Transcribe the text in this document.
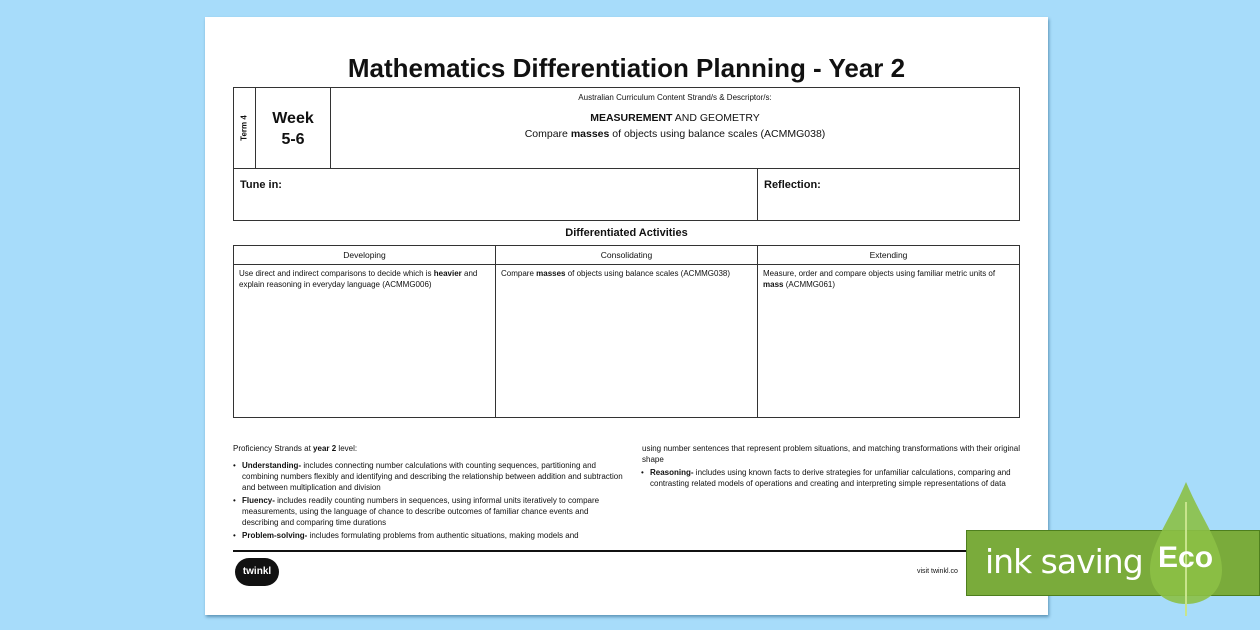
Mathematics Differentiation Planning - Year 2
Term 4	Week
5-6
Australian Curriculum Content Strand/s & Descriptor/s:
MEASUREMENT AND GEOMETRY
Compare masses of objects using balance scales (ACMMG038)
Tune in:	Reflection:
Differentiated Activities
Developing	Consolidating	Extending
Use direct and indirect comparisons to decide which is heavier and explain reasoning in everyday language (ACMMG006)	Compare masses of objects using balance scales (ACMMG038)	Measure, order and compare objects using familiar metric units of mass (ACMMG061)
Proficiency Strands at year 2 level:
• Understanding- includes connecting number calculations with counting sequences, partitioning and combining numbers flexibly and identifying and describing the relationship between addition and subtraction and between multiplication and division
• Fluency- includes readily counting numbers in sequences, using informal units iteratively to compare measurements, using the language of chance to describe outcomes of familiar chance events and describing and comparing time durations
• Problem-solving- includes formulating problems from authentic situations, making models and
using number sentences that represent problem situations, and matching transformations with their original shape
• Reasoning- includes using known facts to derive strategies for unfamiliar calculations, comparing and contrasting related models of operations and creating and interpreting simple representations of data
twinkl	visit twinkl.co ink saving Eco
